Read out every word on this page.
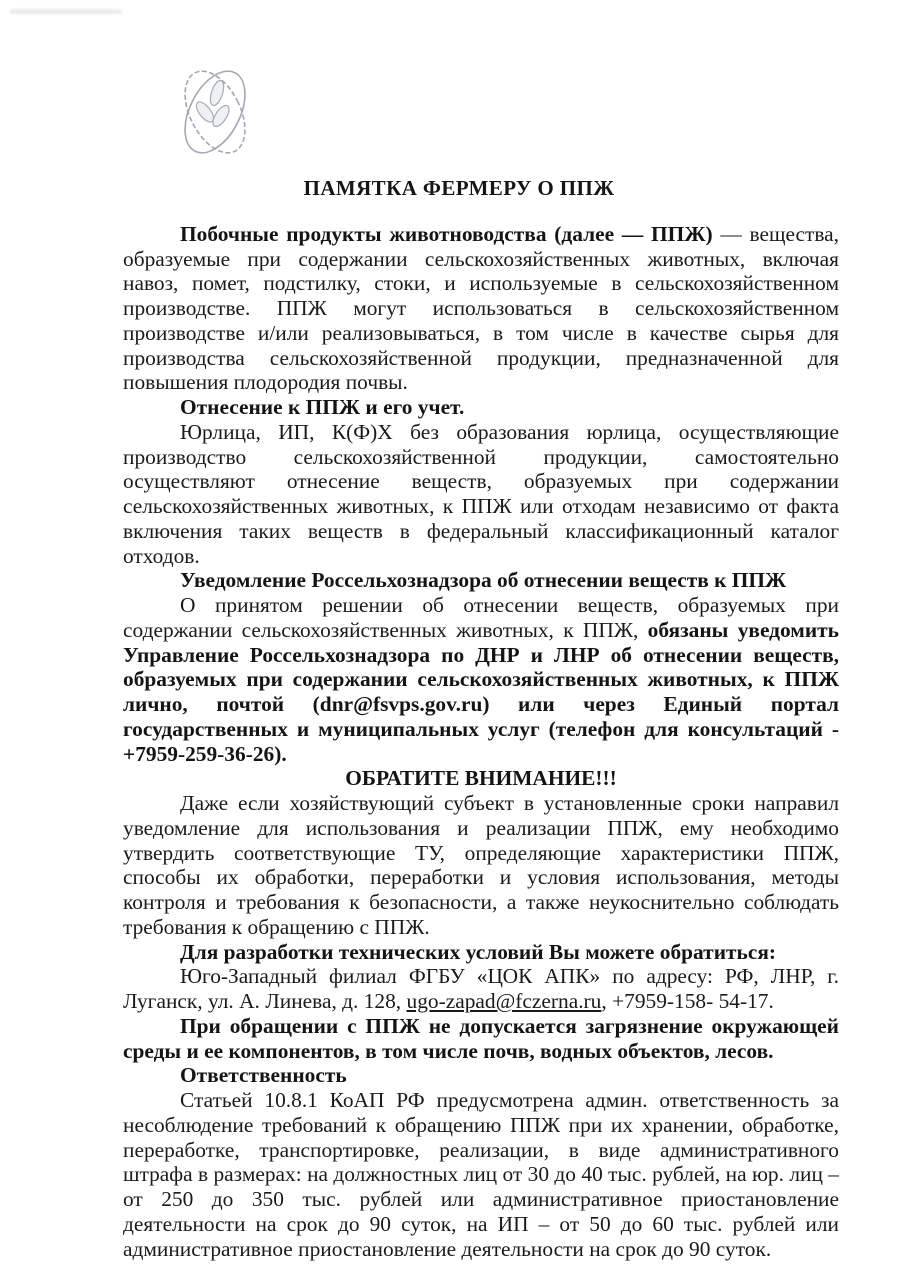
ПАМЯТКА ФЕРМЕРУ О ППЖ

Побочные продукты животноводства (далее — ППЖ) — вещества, образуемые при содержании сельскохозяйственных животных, включая навоз, помет, подстилку, стоки, и используемые в сельскохозяйственном производстве. ППЖ могут использоваться в сельскохозяйственном производстве и/или реализовываться, в том числе в качестве сырья для производства сельскохозяйственной продукции, предназначенной для повышения плодородия почвы.

Отнесение к ППЖ и его учет.

Юрлица, ИП, К(Ф)Х без образования юрлица, осуществляющие производство сельскохозяйственной продукции, самостоятельно осуществляют отнесение веществ, образуемых при содержании сельскохозяйственных животных, к ППЖ или отходам независимо от факта включения таких веществ в федеральный классификационный каталог отходов.

Уведомление Россельхознадзора об отнесении веществ к ППЖ

О принятом решении об отнесении веществ, образуемых при содержании сельскохозяйственных животных, к ППЖ, обязаны уведомить Управление Россельхознадзора по ДНР и ЛНР об отнесении веществ, образуемых при содержании сельскохозяйственных животных, к ППЖ лично, почтой (dnr@fsvps.gov.ru) или через Единый портал государственных и муниципальных услуг (телефон для консультаций - +7959-259-36-26).

ОБРАТИТЕ ВНИМАНИЕ!!!

Даже если хозяйствующий субъект в установленные сроки направил уведомление для использования и реализации ППЖ, ему необходимо утвердить соответствующие ТУ, определяющие характеристики ППЖ, способы их обработки, переработки и условия использования, методы контроля и требования к безопасности, а также неукоснительно соблюдать требования к обращению с ППЖ.

Для разработки технических условий Вы можете обратиться:

Юго-Западный филиал ФГБУ «ЦОК АПК» по адресу: РФ, ЛНР, г. Луганск, ул. А. Линева, д. 128, ugo-zapad@fczerna.ru, +7959-158- 54-17.

При обращении с ППЖ не допускается загрязнение окружающей среды и ее компонентов, в том числе почв, водных объектов, лесов.

Ответственность

Статьей 10.8.1 КоАП РФ предусмотрена админ. ответственность за несоблюдение требований к обращению ППЖ при их хранении, обработке, переработке, транспортировке, реализации, в виде административного штрафа в размерах: на должностных лиц от 30 до 40 тыс. рублей, на юр. лиц – от 250 до 350 тыс. рублей или административное приостановление деятельности на срок до 90 суток, на ИП – от 50 до 60 тыс. рублей или административное приостановление деятельности на срок до 90 суток.
